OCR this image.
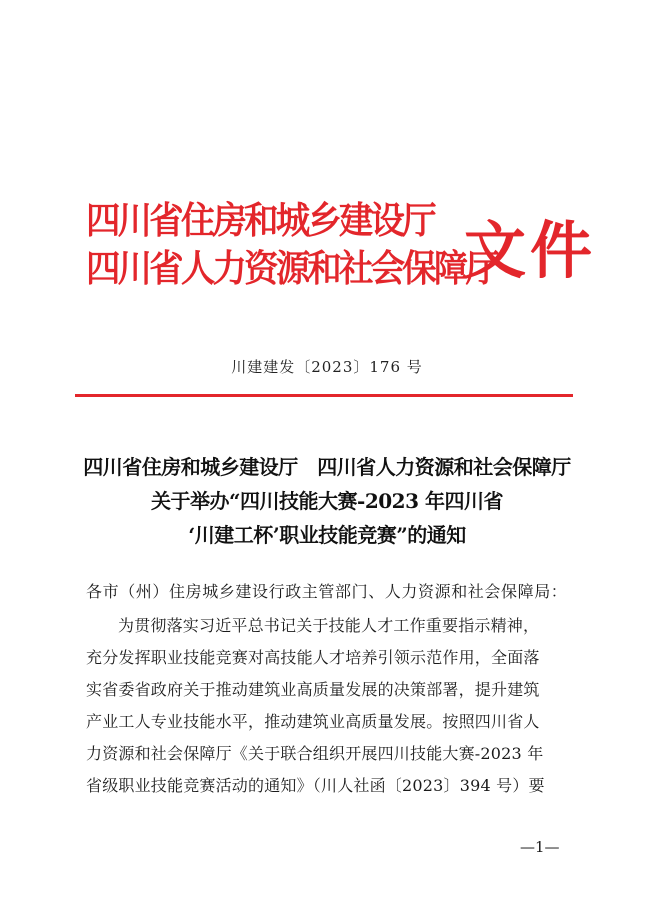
四川省住房和城乡建设厅
四川省人力资源和社会保障厅
文件
川建建发〔2023〕176 号
四川省住房和城乡建设厅　四川省人力资源和社会保障厅
关于举办“四川技能大赛-2023 年四川省
‘川建工杯’职业技能竞赛”的通知
各市（州）住房城乡建设行政主管部门、人力资源和社会保障局：
为贯彻落实习近平总书记关于技能人才工作重要指示精神，
充分发挥职业技能竞赛对高技能人才培养引领示范作用，全面落
实省委省政府关于推动建筑业高质量发展的决策部署，提升建筑
产业工人专业技能水平，推动建筑业高质量发展。按照四川省人
力资源和社会保障厅《关于联合组织开展四川技能大赛-2023 年
省级职业技能竞赛活动的通知》（川人社函〔2023〕394 号）要
—1—
